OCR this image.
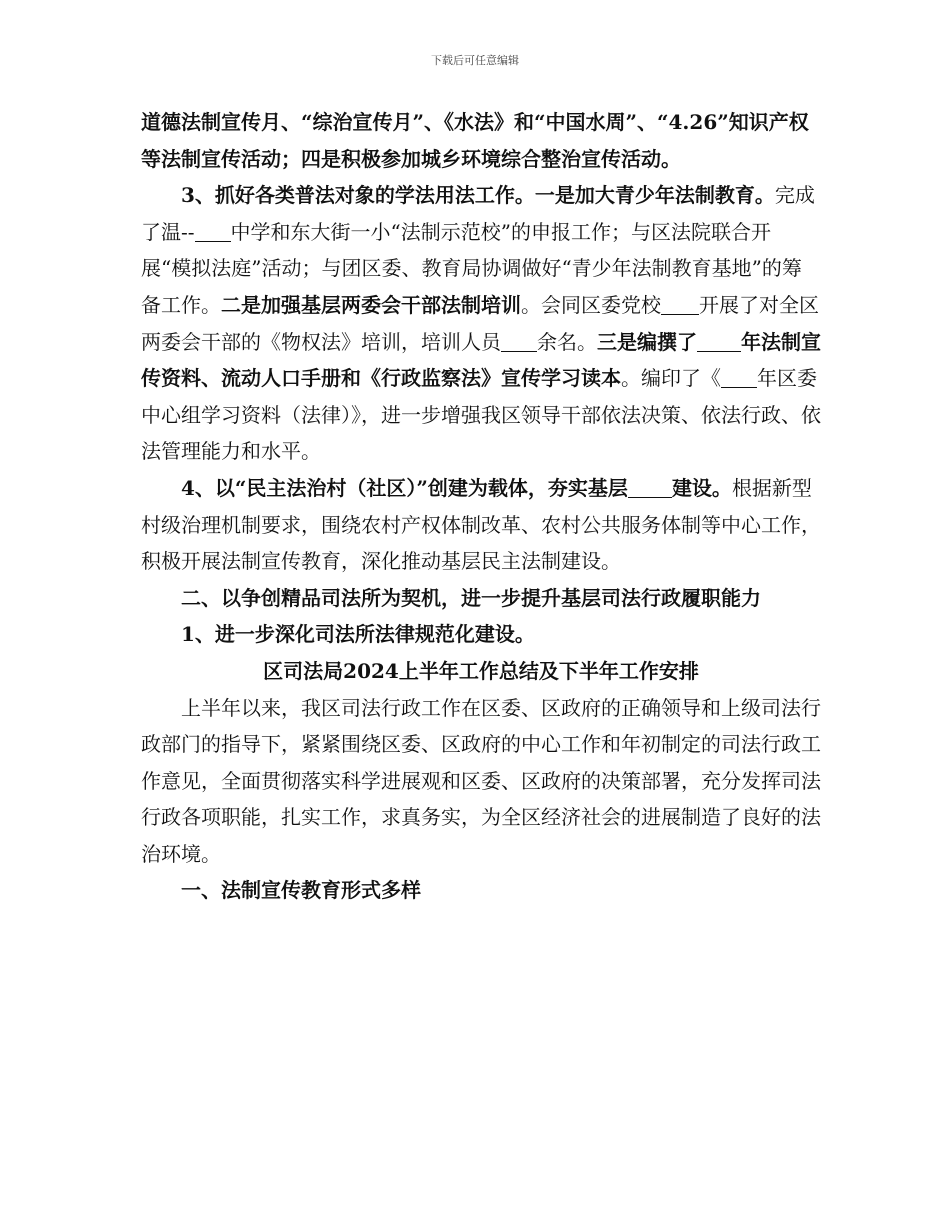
下载后可任意编辑

道德法制宣传月、“综治宣传月”、《水法》和“中国水周”、“4.26”知识产权等法制宣传活动；四是积极参加城乡环境综合整治宣传活动。

3、抓好各类普法对象的学法用法工作。一是加大青少年法制教育。完成了温-- 中学和东大街一小“法制示范校”的申报工作；与区法院联合开展“模拟法庭”活动；与团区委、教育局协调做好“青少年法制教育基地”的筹备工作。二是加强基层两委会干部法制培训。会同区委党校 开展了对全区两委会干部的《物权法》培训，培训人员 余名。三是编撰了 年法制宣传资料、流动人口手册和《行政监察法》宣传学习读本。编印了《 年区委中心组学习资料（法律）》，进一步增强我区领导干部依法决策、依法行政、依法管理能力和水平。

4、以“民主法治村（社区）”创建为载体，夯实基层 建设。根据新型村级治理机制要求，围绕农村产权体制改革、农村公共服务体制等中心工作，积极开展法制宣传教育，深化推动基层民主法制建设。

二、以争创精品司法所为契机，进一步提升基层司法行政履职能力

1、进一步深化司法所法律规范化建设。

区司法局2024上半年工作总结及下半年工作安排

上半年以来，我区司法行政工作在区委、区政府的正确领导和上级司法行政部门的指导下，紧紧围绕区委、区政府的中心工作和年初制定的司法行政工作意见，全面贯彻落实科学进展观和区委、区政府的决策部署，充分发挥司法行政各项职能，扎实工作，求真务实，为全区经济社会的进展制造了良好的法治环境。

一、法制宣传教育形式多样
